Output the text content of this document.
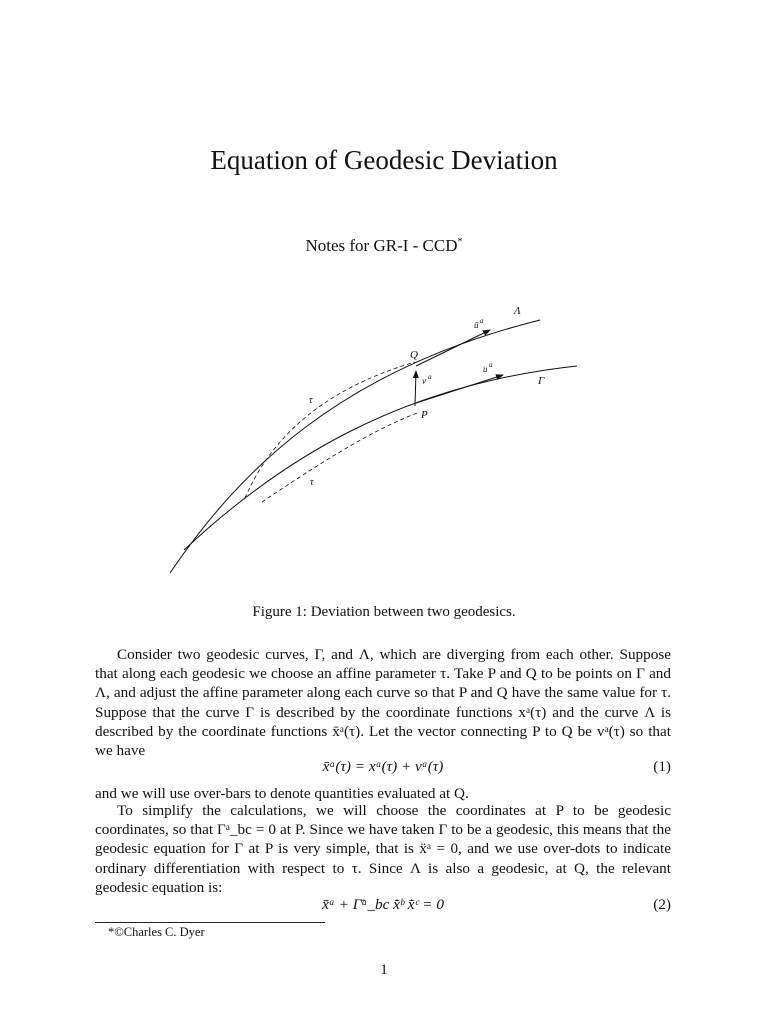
Equation of Geodesic Deviation
Notes for GR-I - CCD*
Λ
Γ
Q
P
ū a
u a
v a
τ
τ
Figure 1: Deviation between two geodesics.

Consider two geodesic curves, Γ, and Λ, which are diverging from each other. Suppose that along each geodesic we choose an affine parameter τ. Take P and Q to be points on Γ and Λ, and adjust the affine parameter along each curve so that P and Q have the same value for τ. Suppose that the curve Γ is described by the coordinate functions xᵃ(τ) and the curve Λ is described by the coordinate functions x̄ᵃ(τ). Let the vector connecting P to Q be vᵃ(τ) so that we have

x̄ᵃ(τ) = xᵃ(τ) + vᵃ(τ)	(1)

and we will use over-bars to denote quantities evaluated at Q.

To simplify the calculations, we will choose the coordinates at P to be geodesic coordinates, so that Γᵃ_bc = 0 at P. Since we have taken Γ to be a geodesic, this means that the geodesic equation for Γ at P is very simple, that is ẍᵃ = 0, and we use over-dots to indicate ordinary differentiation with respect to τ. Since Λ is also a geodesic, at Q, the relevant geodesic equation is:

x̄̈ᵃ + Γ̄ᵃ_bc x̄̇ᵇ x̄̇ᶜ = 0	(2)
*©Charles C. Dyer
1
